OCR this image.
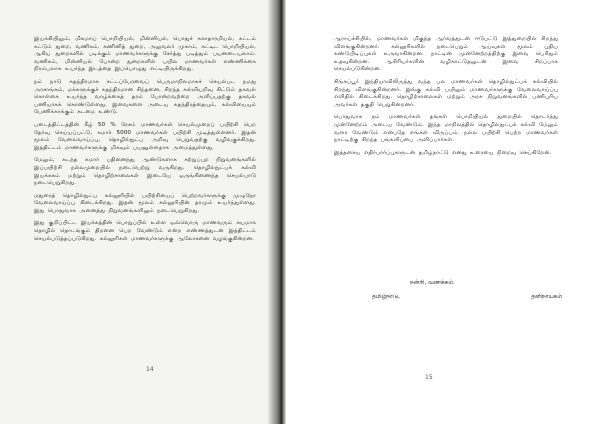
இயக்கியிலும், மிகமாய் பொறியியல், மின்னியல், பொதுச் சுகாதாரமியல், கட்டம் கட்டும் துறை, வணிகம், கணினித் துறை, அலுவலர் முகாம், கட்டிட பொறியியல், ஆகிய துறைகளில் படிக்கும் மாணவர்களுக்கு சேர்த்து படித்தும் பயனடையலாம். வணிகம், மின்னியல் போன்ற துறைகளில் பயில மாணவர்கள் எண்ணிக்கை நிரம்பலாக உயர்ந்த இடத்தை இப்பொழுது எட்டியிருக்கிறது.

நம் நாடு சுதந்திரமாக சட்டப்பேரவைப் பெருமாநிலமாகச் செயல்பட நமது அரசாங்கம், மக்களுக்குச் சுதந்திரமான சிந்தனை, சிறந்த கல்வியறிவு கிட்டும் தகவல் கொள்கை உயர்ந்த வாழ்க்கைத் தரம் போன்றவற்றை அளிப்பதற்கு தகவல் பணியாகக் கொண்டுள்ளது. இவைகளை அடைய சுதந்திரத்தையும், கல்வியையும் பேணிக்காக்கும் கடமை உண்டு.

படைத்திட்டத்தின் கீழ் 50 % ரேசம் மாணவர்கள் செயல்முறைப் பயிற்சி பெற தேர்வு செய்யப்பட்டு, சுமார் 5000 மாணவர்கள் பயிற்சி முடித்துள்ளனர். இதன் மூலம் வேலைவாய்ப்பு, தொழில்நுட்ப அறிவு பெறுவதற்கு வழிவகுக்கிறது. இத்திட்டம் மாணவர்களுக்கு மிகவும் பயனுள்ளதாக அமைந்துள்ளது.

மேலும், கடந்த சுமார் பதினைந்து ஆண்டுகளாக சுற்றுப்புற நிறுவனங்களில் இப்பயிற்சி நல்லமுறையில் நடைபெற்று வருகிறது. தொழில்நுட்பக் கல்வி இயக்ககம் மற்றும் தொழிற்சாலைகள் இடையே ஒருங்கிணைந்த செயல்பாடு நடைபெறுகிறது.

மதுரைத் தொழில்நுட்ப கல்லூரியில் பயிற்சியைப் பெற்றவர்களுக்கு முழுநேர வேலைவாய்ப்பு கிடைக்கிறது. இதன் மூலம் கல்லூரியின் தரமும் உயர்ந்துள்ளது. இது பொதுவாக அனைத்து நிறுவனங்களிலும் நடைபெறுகிறது.

இது குறிப்பிட்ட இயக்கத்தின் பொறுப்பில் உள்ள ஒவ்வொரு மாணவரும் சுயமாக தொழில் தொடங்கும் திறனை பெற வேண்டும் என்ற எண்ணத்துடன் இத்திட்டம் செயல்படுத்தப்படுகிறது. கல்லூரிகள் மாணவர்களுக்கு ஆலோசனை வழங்குகின்றன.

14

ஆராய்ச்சியில், மாணவர்கள் மிகுந்த ஆர்வத்துடன் ஈடுபட்டு இத்துறையில் சிறந்து விளங்குகின்றனர். கல்லூரிகளில் நடைபெறும் ஆய்வுகள் மூலம் புதிய கண்டுபிடிப்புகள் உருவாகின்றன. நாட்டின் முன்னேற்றத்திற்கு இவை பெரிதும் உதவுகின்றன. ஆசிரியர்களின் வழிகாட்டுதலுடன் இவை சிறப்பாக செயல்படுகின்றன.

சிங்கப்பூர் இந்தியாவிலிருந்து வந்த பல மாணவர்கள் தொழில்நுட்பக் கல்வியில் சிறந்து விளங்குகின்றனர். இங்கு கல்வி பயிலும் மாணவர்களுக்கு வேலைவாய்ப்பு எளிதில் கிடைக்கிறது. தொழிற்சாலைகள் மற்றும் அரசு நிறுவனங்களில் பணிபுரிய அவர்கள் தகுதி பெறுகின்றனர்.

பொதுவாக நம் மாணவர்கள் தங்கள் பொறியியல் துறையில் தொடர்ந்து முன்னேற்றம் அடைய வேண்டும். இந்த மாநிலத்தில் தொழில்நுட்பக் கல்வி மேலும் வளர வேண்டும் என்பதே எங்கள் விருப்பம். நல்ல பயிற்சி பெற்ற மாணவர்கள் நாட்டிற்கு சிறந்த பங்களிப்பை அளிப்பார்கள்.

இத்தகைய எதிர்பார்ப்புகளுடன் தமிழ்நாட்டு எனது உரையை நிறைவு செய்கிறேன்.

நன்றி, வணக்கம்.
தமிழ்நாடு,	தனிநாயகம்
15
